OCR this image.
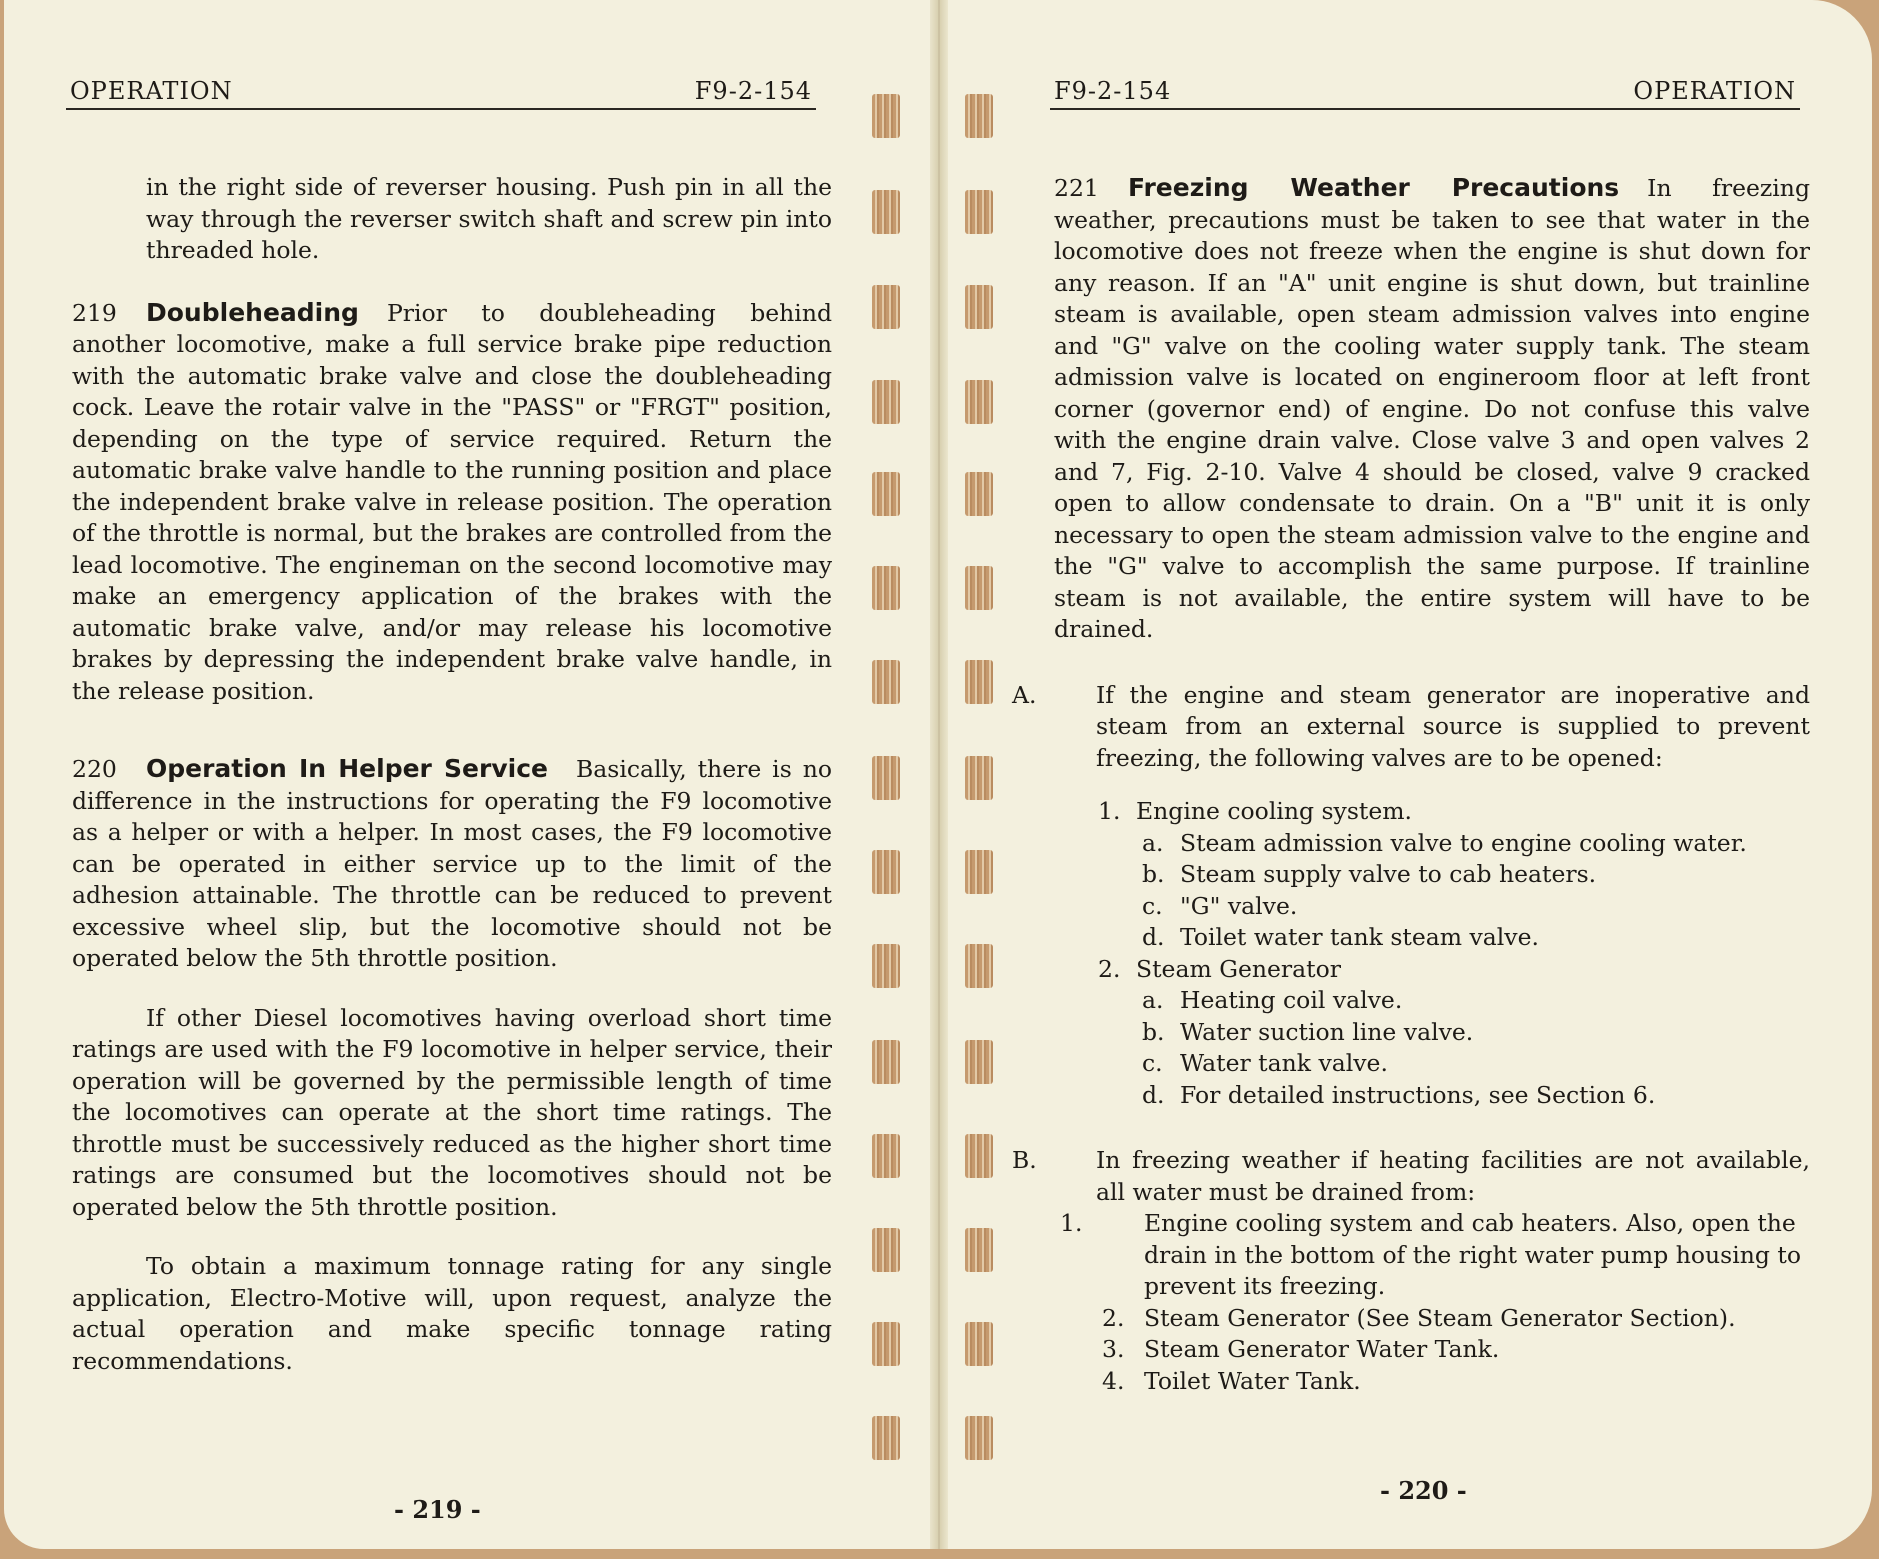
OPERATION	F9-2-154

in the right side of reverser housing. Push pin in all the way through the reverser switch shaft and screw pin into threaded hole.

219 Doubleheading Prior to doubleheading behind another locomotive, make a full service brake pipe reduction with the automatic brake valve and close the doubleheading cock. Leave the rotair valve in the "PASS" or "FRGT" position, depending on the type of service required. Return the automatic brake valve handle to the running position and place the independent brake valve in release position. The operation of the throttle is normal, but the brakes are controlled from the lead locomotive. The engineman on the second locomotive may make an emergency application of the brakes with the automatic brake valve, and/or may release his locomotive brakes by depressing the independent brake valve handle, in the release position.

220 Operation In Helper Service Basically, there is no difference in the instructions for operating the F9 locomotive as a helper or with a helper. In most cases, the F9 locomotive can be operated in either service up to the limit of the adhesion attainable. The throttle can be reduced to prevent excessive wheel slip, but the locomotive should not be operated below the 5th throttle position.

If other Diesel locomotives having overload short time ratings are used with the F9 locomotive in helper service, their operation will be governed by the permissible length of time the locomotives can operate at the short time ratings. The throttle must be successively reduced as the higher short time ratings are consumed but the locomotives should not be operated below the 5th throttle position.

To obtain a maximum tonnage rating for any single application, Electro-Motive will, upon request, analyze the actual operation and make specific tonnage rating recommendations.

- 219 -
F9-2-154	OPERATION

221 Freezing Weather Precautions In freezing weather, precautions must be taken to see that water in the locomotive does not freeze when the engine is shut down for any reason. If an "A" unit engine is shut down, but trainline steam is available, open steam admission valves into engine and "G" valve on the cooling water supply tank. The steam admission valve is located on engineroom floor at left front corner (governor end) of engine. Do not confuse this valve with the engine drain valve. Close valve 3 and open valves 2 and 7, Fig. 2-10. Valve 4 should be closed, valve 9 cracked open to allow condensate to drain. On a "B" unit it is only necessary to open the steam admission valve to the engine and the "G" valve to accomplish the same purpose. If trainline steam is not available, the entire system will have to be drained.

A.	If the engine and steam generator are inoperative and steam from an external source is supplied to prevent freezing, the following valves are to be opened:

1. Engine cooling system.
a. Steam admission valve to engine cooling water.
b. Steam supply valve to cab heaters.
c. "G" valve.
d. Toilet water tank steam valve.
2. Steam Generator
a. Heating coil valve.
b. Water suction line valve.
c. Water tank valve.
d. For detailed instructions, see Section 6.

B.	In freezing weather if heating facilities are not available, all water must be drained from:

1.	Engine cooling system and cab heaters. Also, open the drain in the bottom of the right water pump housing to prevent its freezing.
2. Steam Generator (See Steam Generator Section).
3. Steam Generator Water Tank.
4. Toilet Water Tank.
- 220 -
